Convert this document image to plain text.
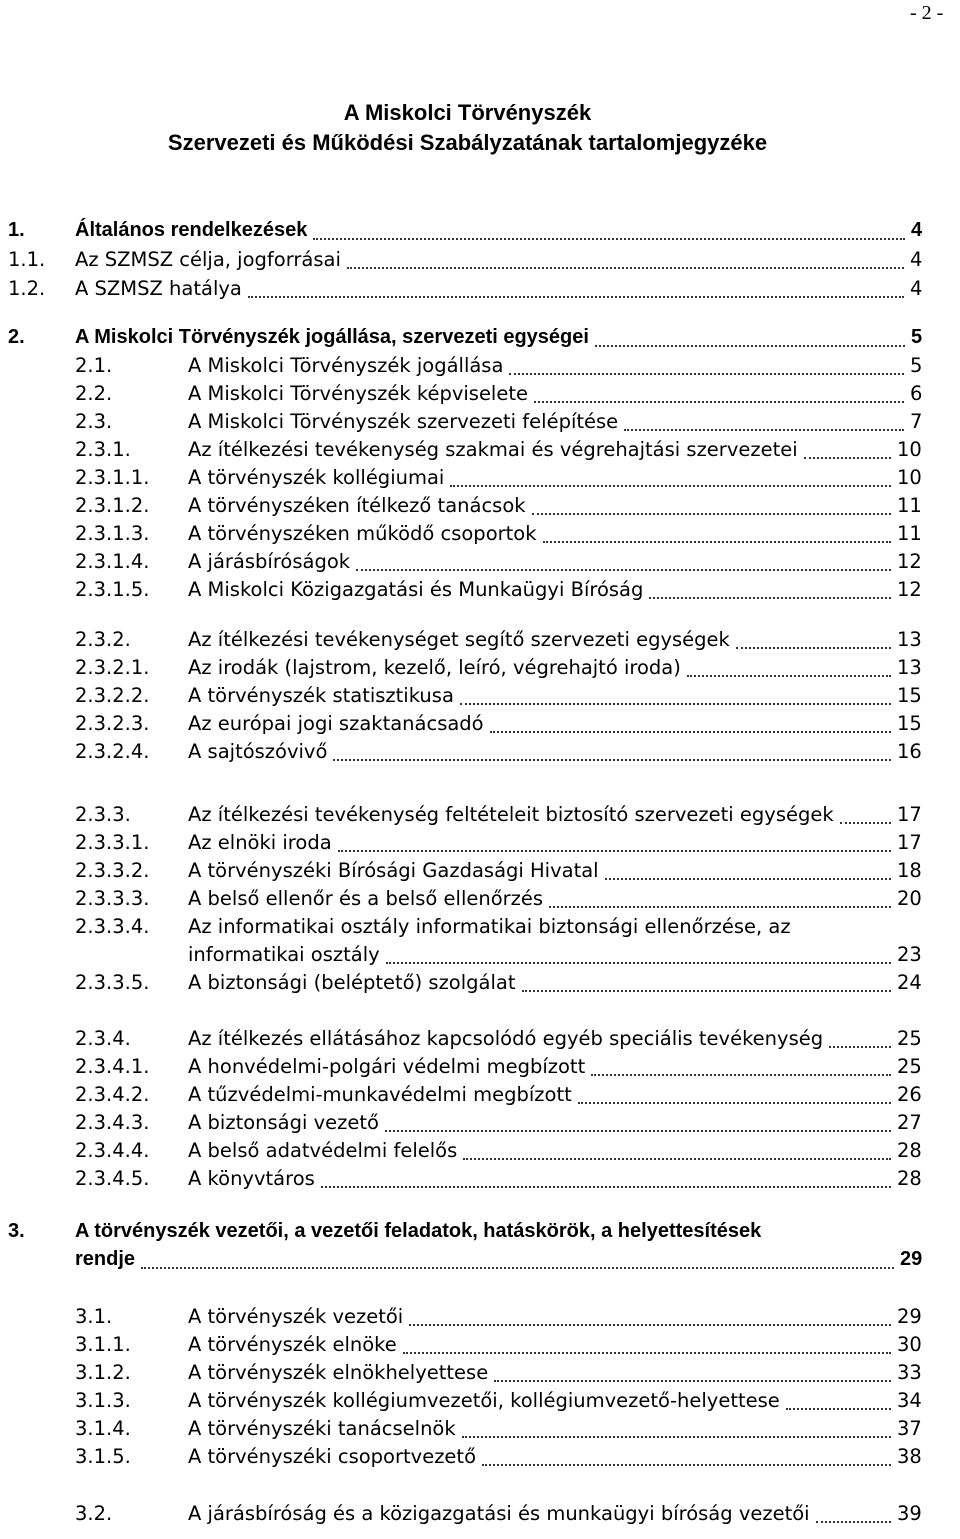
- 2 -
A Miskolci Törvényszék
Szervezeti és Működési Szabályzatának tartalomjegyzéke
1.	Általános rendelkezések	4
1.1. Az SZMSZ célja, jogforrásai	4
1.2. A SZMSZ hatálya	4
2.	A Miskolci Törvényszék jogállása, szervezeti egységei	5
2.1.	A Miskolci Törvényszék jogállása	5
2.2.	A Miskolci Törvényszék képviselete	6
2.3.	A Miskolci Törvényszék szervezeti felépítése	7
2.3.1.	Az ítélkezési tevékenység szakmai és végrehajtási szervezetei	10
2.3.1.1. A törvényszék kollégiumai	10
2.3.1.2. A törvényszéken ítélkező tanácsok	11
2.3.1.3. A törvényszéken működő csoportok	11
2.3.1.4. A járásbíróságok	12
2.3.1.5. A Miskolci Közigazgatási és Munkaügyi Bíróság	12
2.3.2.	Az ítélkezési tevékenységet segítő szervezeti egységek	13
2.3.2.1. Az irodák (lajstrom, kezelő, leíró, végrehajtó iroda)	13
2.3.2.2. A törvényszék statisztikusa	15
2.3.2.3. Az európai jogi szaktanácsadó	15
2.3.2.4. A sajtószóvivő	16
2.3.3.	Az ítélkezési tevékenység feltételeit biztosító szervezeti egységek	17
2.3.3.1. Az elnöki iroda	17
2.3.3.2. A törvényszéki Bírósági Gazdasági Hivatal	18
2.3.3.3. A belső ellenőr és a belső ellenőrzés	20
2.3.3.4. Az informatikai osztály informatikai biztonsági ellenőrzése, az
informatikai osztály	23
2.3.3.5. A biztonsági (beléptető) szolgálat	24
2.3.4.	Az ítélkezés ellátásához kapcsolódó egyéb speciális tevékenység	25
2.3.4.1. A honvédelmi-polgári védelmi megbízott	25
2.3.4.2. A tűzvédelmi-munkavédelmi megbízott	26
2.3.4.3. A biztonsági vezető	27
2.3.4.4. A belső adatvédelmi felelős	28
2.3.4.5. A könyvtáros	28
3.	A törvényszék vezetői, a vezetői feladatok, hatáskörök, a helyettesítések
rendje	29
3.1.	A törvényszék vezetői	29
3.1.1.	A törvényszék elnöke	30
3.1.2.	A törvényszék elnökhelyettese	33
3.1.3.	A törvényszék kollégiumvezetői, kollégiumvezető-helyettese	34
3.1.4.	A törvényszéki tanácselnök	37
3.1.5.	A törvényszéki csoportvezető	38
3.2.	A járásbíróság és a közigazgatási és munkaügyi bíróság vezetői	39
